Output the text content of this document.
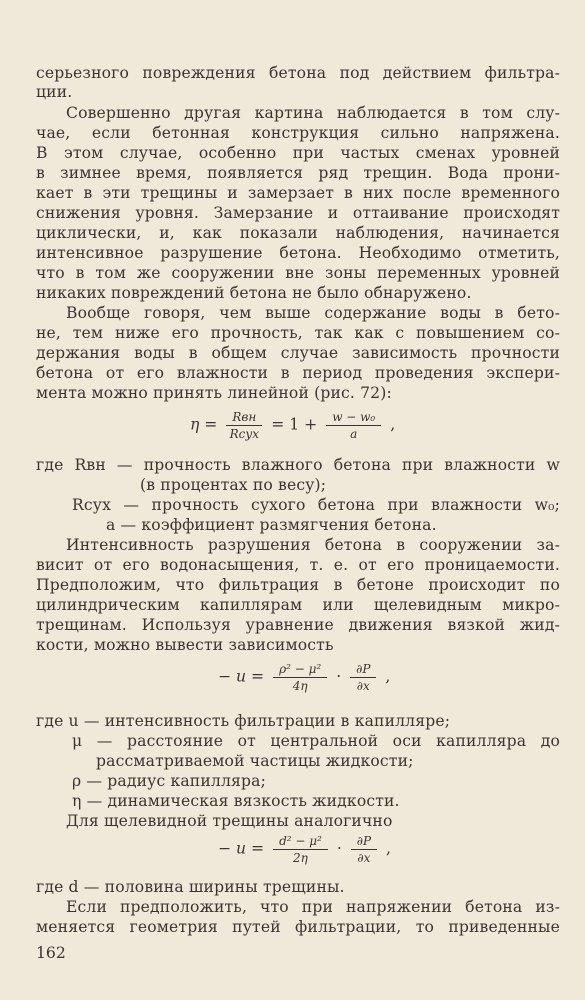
серьезного повреждения бетона под действием фильтра-
ции.
Совершенно другая картина наблюдается в том слу-
чае, если бетонная конструкция сильно напряжена.
В этом случае, особенно при частых сменах уровней
в зимнее время, появляется ряд трещин. Вода прони-
кает в эти трещины и замерзает в них после временного
снижения уровня. Замерзание и оттаивание происходят
циклически, и, как показали наблюдения, начинается
интенсивное разрушение бетона. Необходимо отметить,
что в том же сооружении вне зоны переменных уровней
никаких повреждений бетона не было обнаружено.
Вообще говоря, чем выше содержание воды в бето-
не, тем ниже его прочность, так как с повышением со-
держания воды в общем случае зависимость прочности
бетона от его влажности в период проведения экспери-
мента можно принять линейной (рис. 72):
$\eta = \frac{\text{Rвн}}{\text{Rсух}} = 1 + \frac{\text{w − w₀}}{a}$ ,
где Rвн — прочность влажного бетона при влажности w
(в процентах по весу);
Rсух — прочность сухого бетона при влажности w₀;
a — коэффициент размягчения бетона.
Интенсивность разрушения бетона в сооружении за-
висит от его водонасыщения, т. е. от его проницаемости.
Предположим, что фильтрация в бетоне происходит по
цилиндрическим капиллярам или щелевидным микро-
трещинам. Используя уравнение движения вязкой жид-
кости, можно вывести зависимость
− $u = \frac{\text{ρ² − μ²}}{4\eta} \cdot \frac{\partial P}{\partial x}$ ,
где u — интенсивность фильтрации в капилляре;
μ — расстояние от центральной оси капилляра до
рассматриваемой частицы жидкости;
ρ — радиус капилляра;
η — динамическая вязкость жидкости.
Для щелевидной трещины аналогично
− $u = \frac{\text{d² − μ²}}{2\eta} \cdot \frac{\partial P}{\partial x}$ ,
где d — половина ширины трещины.
Если предположить, что при напряжении бетона из-
меняется геометрия путей фильтрации, то приведенные
162
